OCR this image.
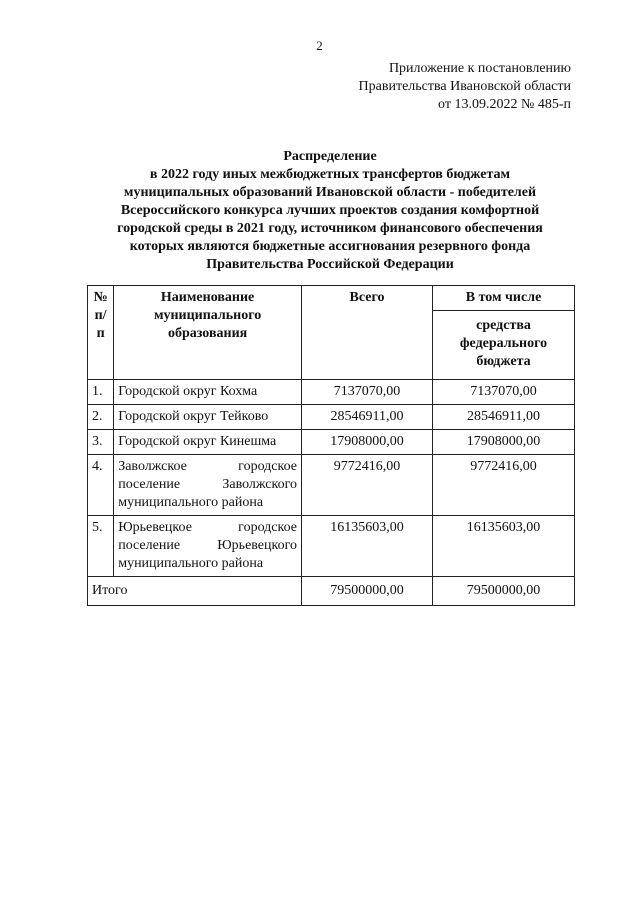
2
Приложение к постановлению
Правительства Ивановской области
от 13.09.2022 № 485-п
Распределение
в 2022 году иных межбюджетных трансфертов бюджетам
муниципальных образований Ивановской области - победителей
Всероссийского конкурса лучших проектов создания комфортной
городской среды в 2021 году, источником финансового обеспечения
которых являются бюджетные ассигнования резервного фонда
Правительства Российской Федерации
№ п/п	Наименование муниципального образования	Всего	В том числе
			средства федерального бюджета
1.	Городской округ Кохма	7137070,00	7137070,00
2.	Городской округ Тейково	28546911,00	28546911,00
3.	Городской округ Кинешма	17908000,00	17908000,00
4.	Заволжское городское поселение Заволжского муниципального района	9772416,00	9772416,00
5.	Юрьевецкое городское поселение Юрьевецкого муниципального района	16135603,00	16135603,00
Итого		79500000,00	79500000,00
